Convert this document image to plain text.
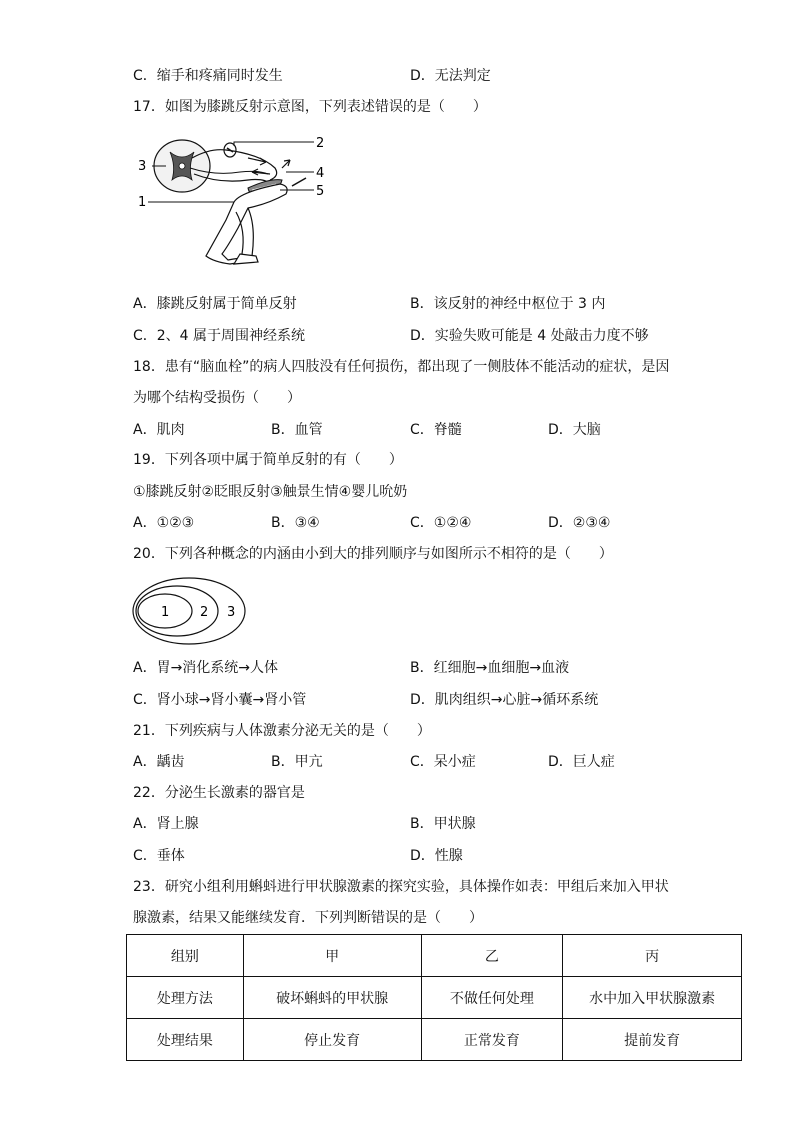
C．缩手和疼痛同时发生	D．无法判定
17．如图为膝跳反射示意图，下列表述错误的是（　　）
1
2
3	4
5
A．膝跳反射属于简单反射	B．该反射的神经中枢位于 3 内
C．2、4 属于周围神经系统	D．实验失败可能是 4 处敲击力度不够
18．患有“脑血栓”的病人四肢没有任何损伤，都出现了一侧肢体不能活动的症状，是因
为哪个结构受损伤（　　）
A．肌肉	B．血管	C．脊髓	D．大脑
19．下列各项中属于简单反射的有（　　）
①膝跳反射②眨眼反射③触景生情④婴儿吮奶
A．①②③	B．③④	C．①②④	D．②③④
20．下列各种概念的内涵由小到大的排列顺序与如图所示不相符的是（　　）
1 2 3
A．胃→消化系统→人体	B．红细胞→血细胞→血液
C．肾小球→肾小囊→肾小管	D．肌肉组织→心脏→循环系统
21．下列疾病与人体激素分泌无关的是（　　）
A．龋齿	B．甲亢	C．呆小症	D．巨人症
22．分泌生长激素的器官是
A．肾上腺	B．甲状腺
C．垂体	D．性腺
23．研究小组利用蝌蚪进行甲状腺激素的探究实验，具体操作如表：甲组后来加入甲状
腺激素，结果又能继续发育．下列判断错误的是（　　）
组别	甲	乙	丙
处理方法	破坏蝌蚪的甲状腺	不做任何处理	水中加入甲状腺激素
处理结果	停止发育	正常发育	提前发育
